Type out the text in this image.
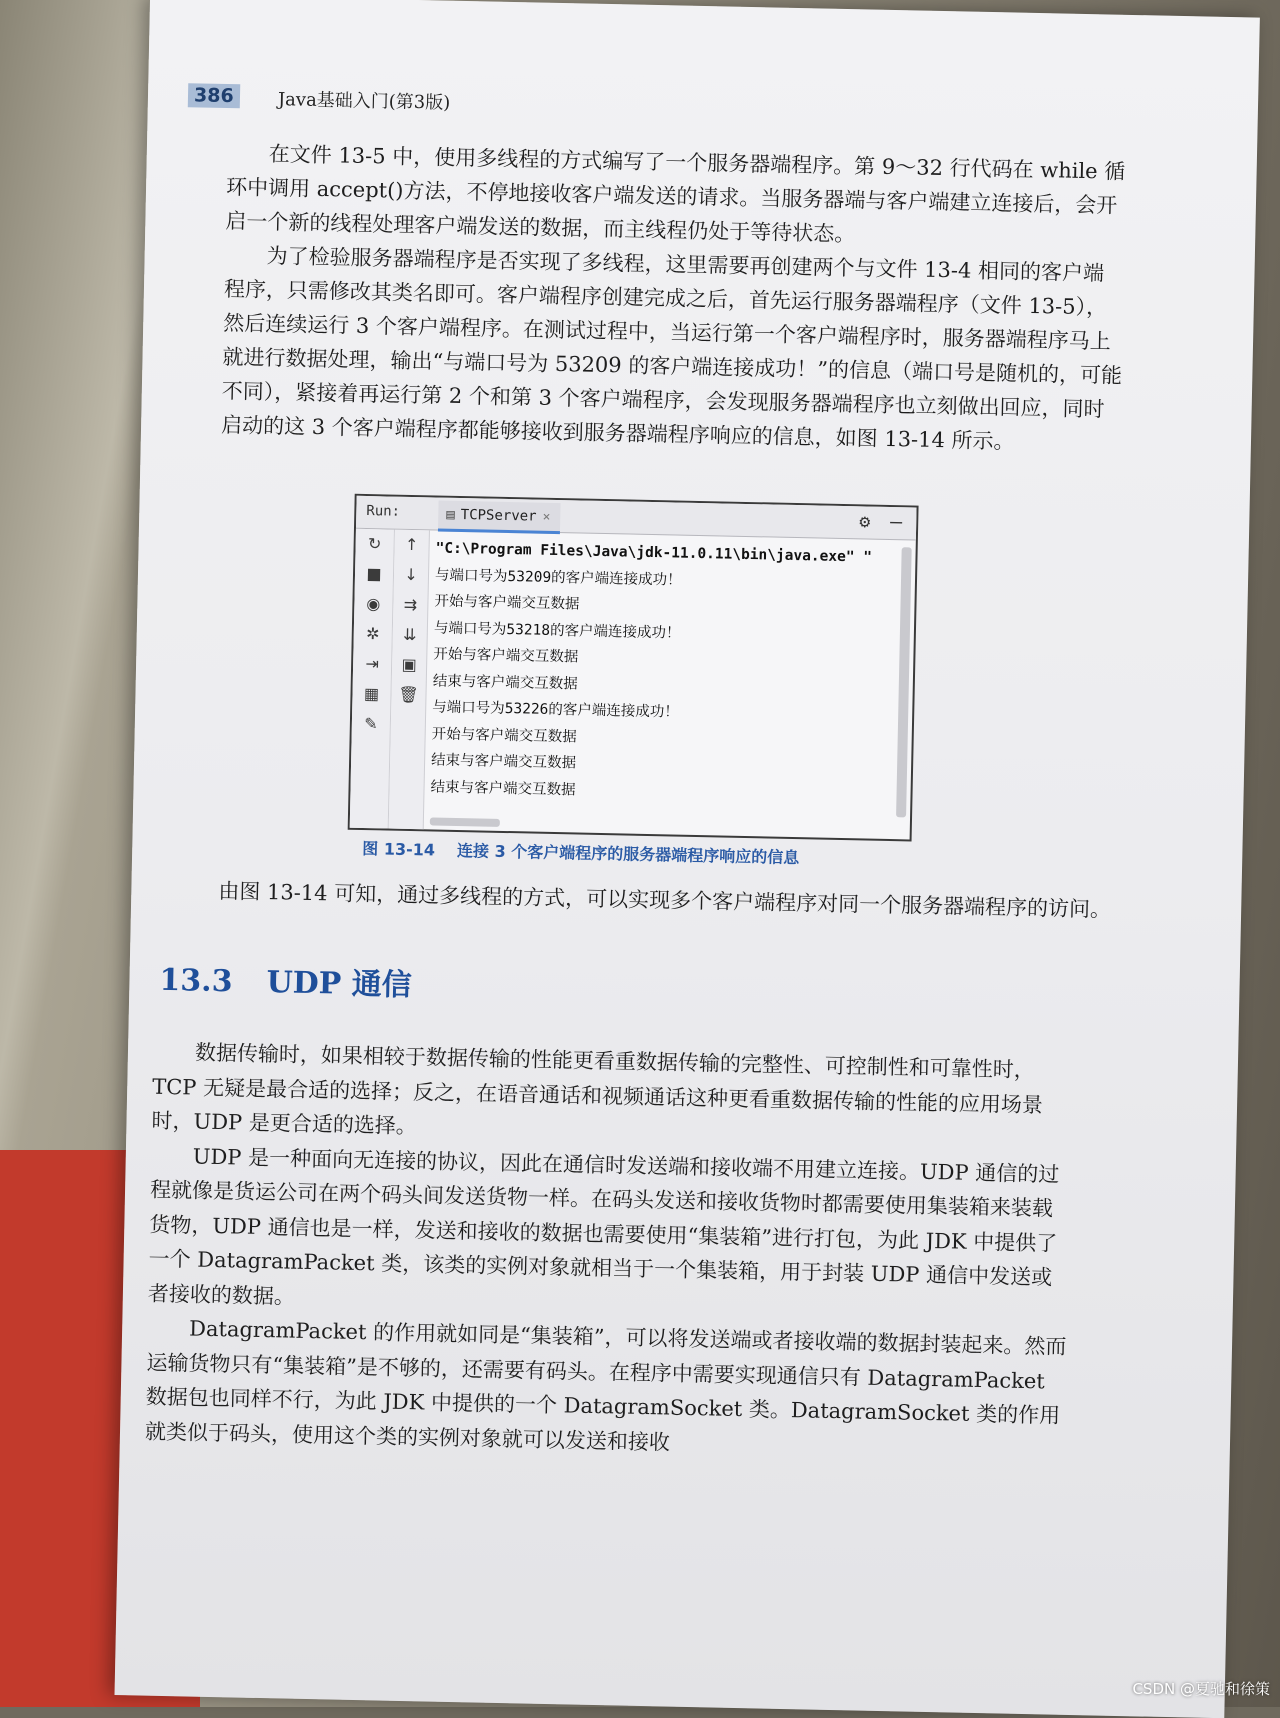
386	Java基础入门(第3版)

在文件 13-5 中，使用多线程的方式编写了一个服务器端程序。第 9～32 行代码在 while 循环中调用 accept()方法，不停地接收客户端发送的请求。当服务器端与客户端建立连接后，会开启一个新的线程处理客户端发送的数据，而主线程仍处于等待状态。

为了检验服务器端程序是否实现了多线程，这里需要再创建两个与文件 13-4 相同的客户端程序，只需修改其类名即可。客户端程序创建完成之后，首先运行服务器端程序（文件 13-5），然后连续运行 3 个客户端程序。在测试过程中，当运行第一个客户端程序时，服务器端程序马上就进行数据处理，输出“与端口号为 53209 的客户端连接成功！”的信息（端口号是随机的，可能不同），紧接着再运行第 2 个和第 3 个客户端程序，会发现服务器端程序也立刻做出回应，同时启动的这 3 个客户端程序都能够接收到服务器端程序响应的信息，如图 13-14 所示。

Run:	▤ TCPServer ×	⚙ —
↻
■
◉
✲
⇥
▦
✎
↑
↓
⇉
⇊
▣
🗑
"C:\Program Files\Java\jdk-11.0.11\bin\java.exe" "
与端口号为53209的客户端连接成功！
开始与客户端交互数据
与端口号为53218的客户端连接成功！
开始与客户端交互数据
结束与客户端交互数据
与端口号为53226的客户端连接成功！
开始与客户端交互数据
结束与客户端交互数据
结束与客户端交互数据
图 13-14 连接 3 个客户端程序的服务器端程序响应的信息

由图 13-14 可知，通过多线程的方式，可以实现多个客户端程序对同一个服务器端程序的访问。

13.3 UDP 通信

数据传输时，如果相较于数据传输的性能更看重数据传输的完整性、可控制性和可靠性时，TCP 无疑是最合适的选择；反之，在语音通话和视频通话这种更看重数据传输的性能的应用场景时，UDP 是更合适的选择。

UDP 是一种面向无连接的协议，因此在通信时发送端和接收端不用建立连接。UDP 通信的过程就像是货运公司在两个码头间发送货物一样。在码头发送和接收货物时都需要使用集装箱来装载货物，UDP 通信也是一样，发送和接收的数据也需要使用“集装箱”进行打包，为此 JDK 中提供了一个 DatagramPacket 类，该类的实例对象就相当于一个集装箱，用于封装 UDP 通信中发送或者接收的数据。

DatagramPacket 的作用就如同是“集装箱”，可以将发送端或者接收端的数据封装起来。然而运输货物只有“集装箱”是不够的，还需要有码头。在程序中需要实现通信只有 DatagramPacket 数据包也同样不行，为此 JDK 中提供的一个 DatagramSocket 类。DatagramSocket 类的作用就类似于码头，使用这个类的实例对象就可以发送和接收

CSDN @夏驰和徐策
